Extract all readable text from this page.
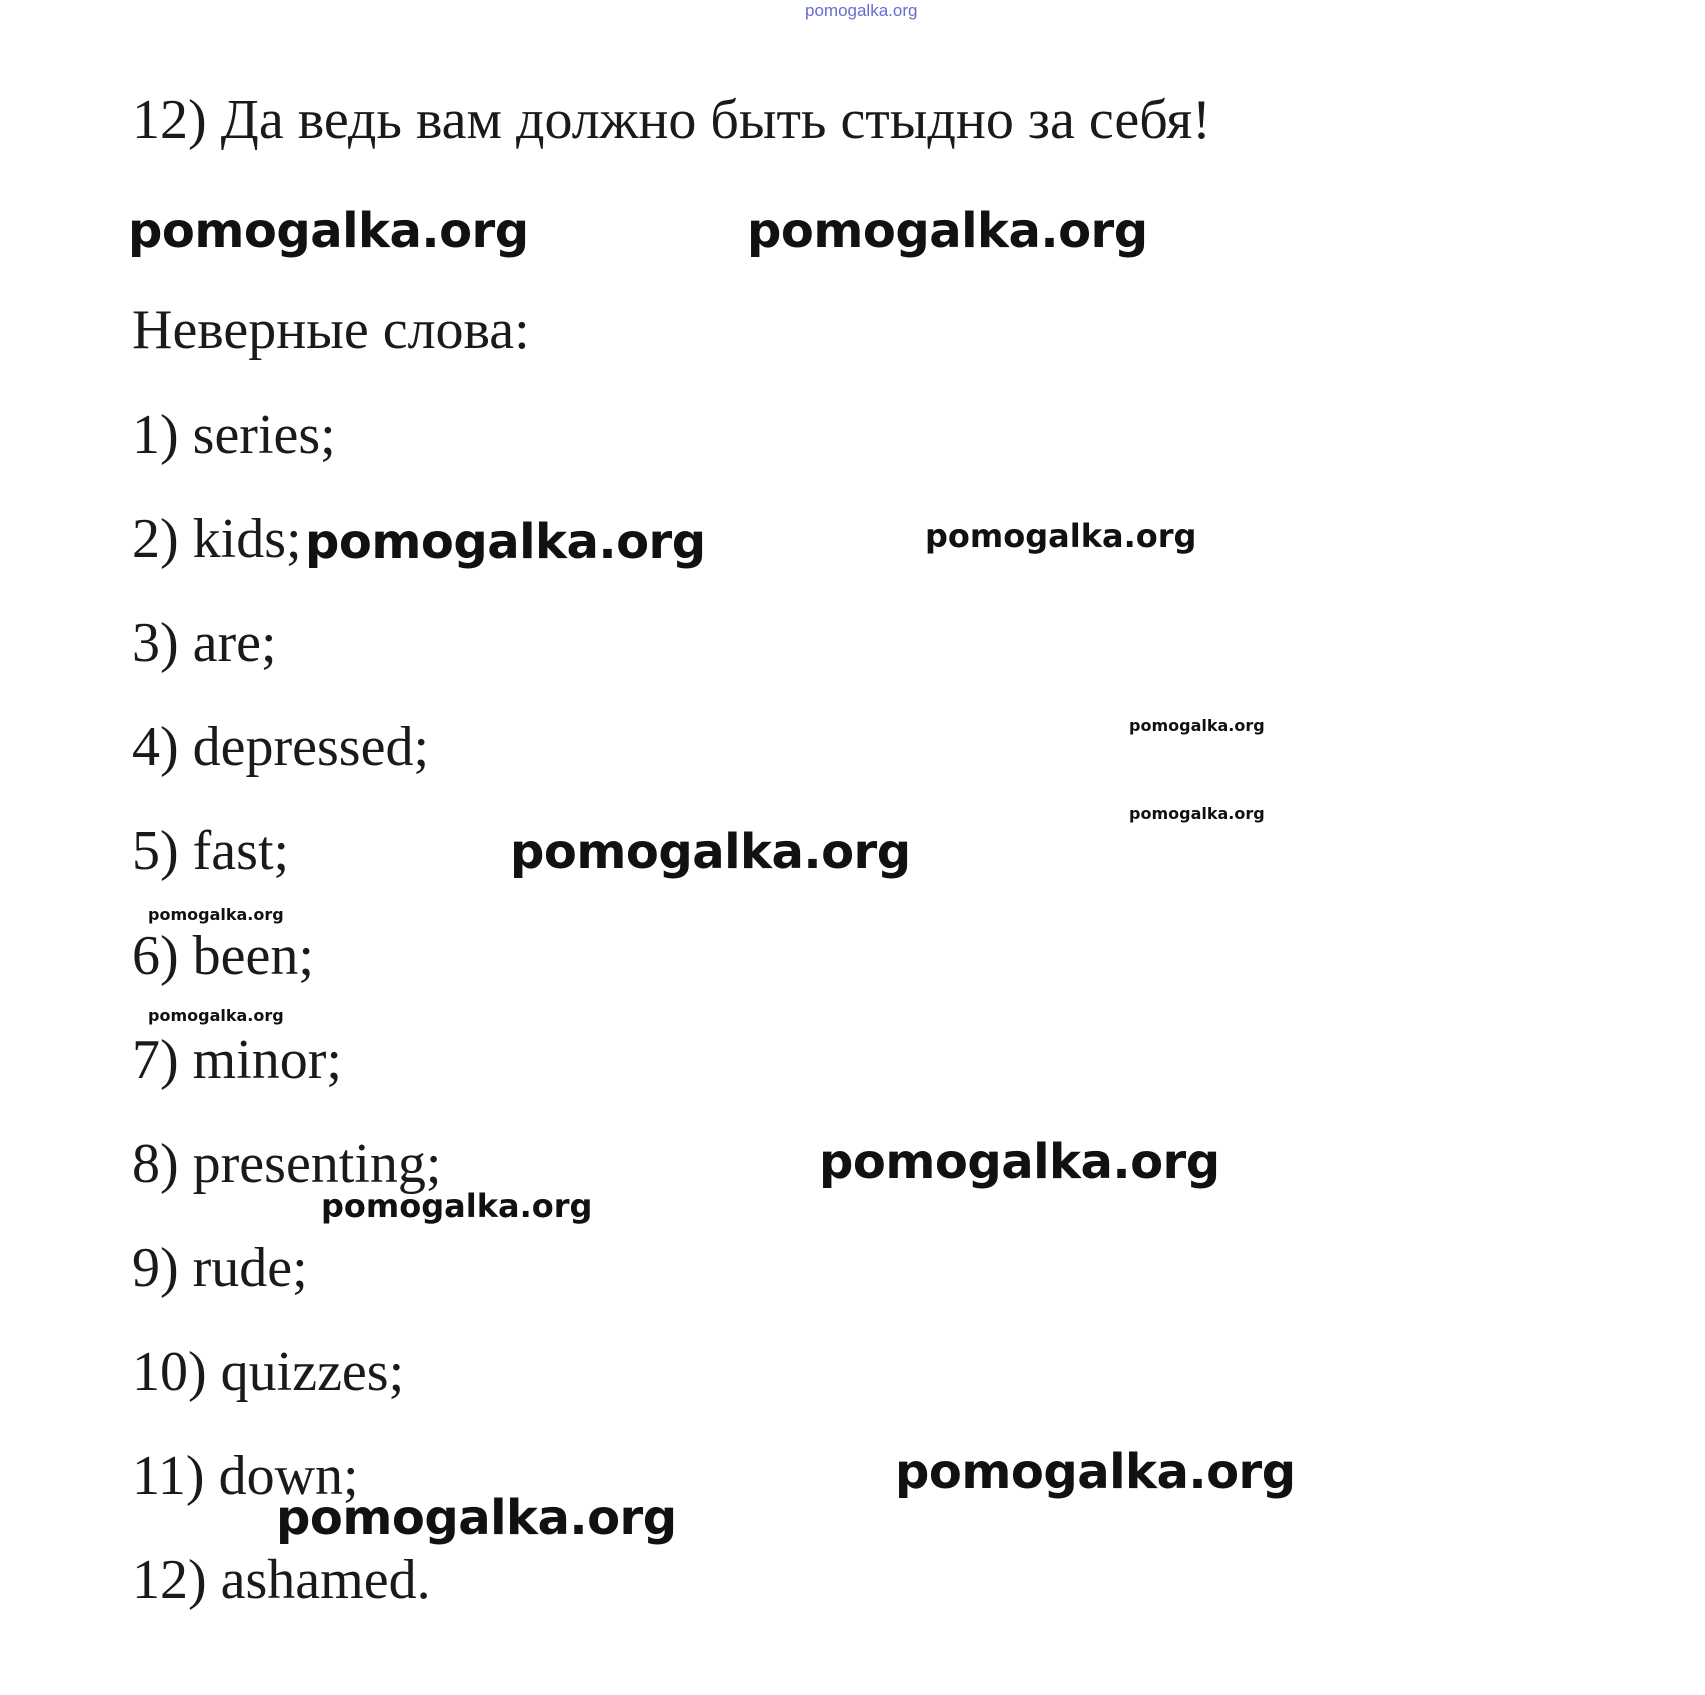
pomogalka.org

12) Да ведь вам должно быть стыдно за себя!

Неверные слова:

1) series;

2) kids;

3) are;

4) depressed;

5) fast;

6) been;

7) minor;

8) presenting;

9) rude;

10) quizzes;

11) down;

12) ashamed.

pomogalka.org	pomogalka.org
pomogalka.org	pomogalka.org
pomogalka.org
pomogalka.org
pomogalka.org
pomogalka.org
pomogalka.org
pomogalka.org
pomogalka.org
pomogalka.org
pomogalka.org
